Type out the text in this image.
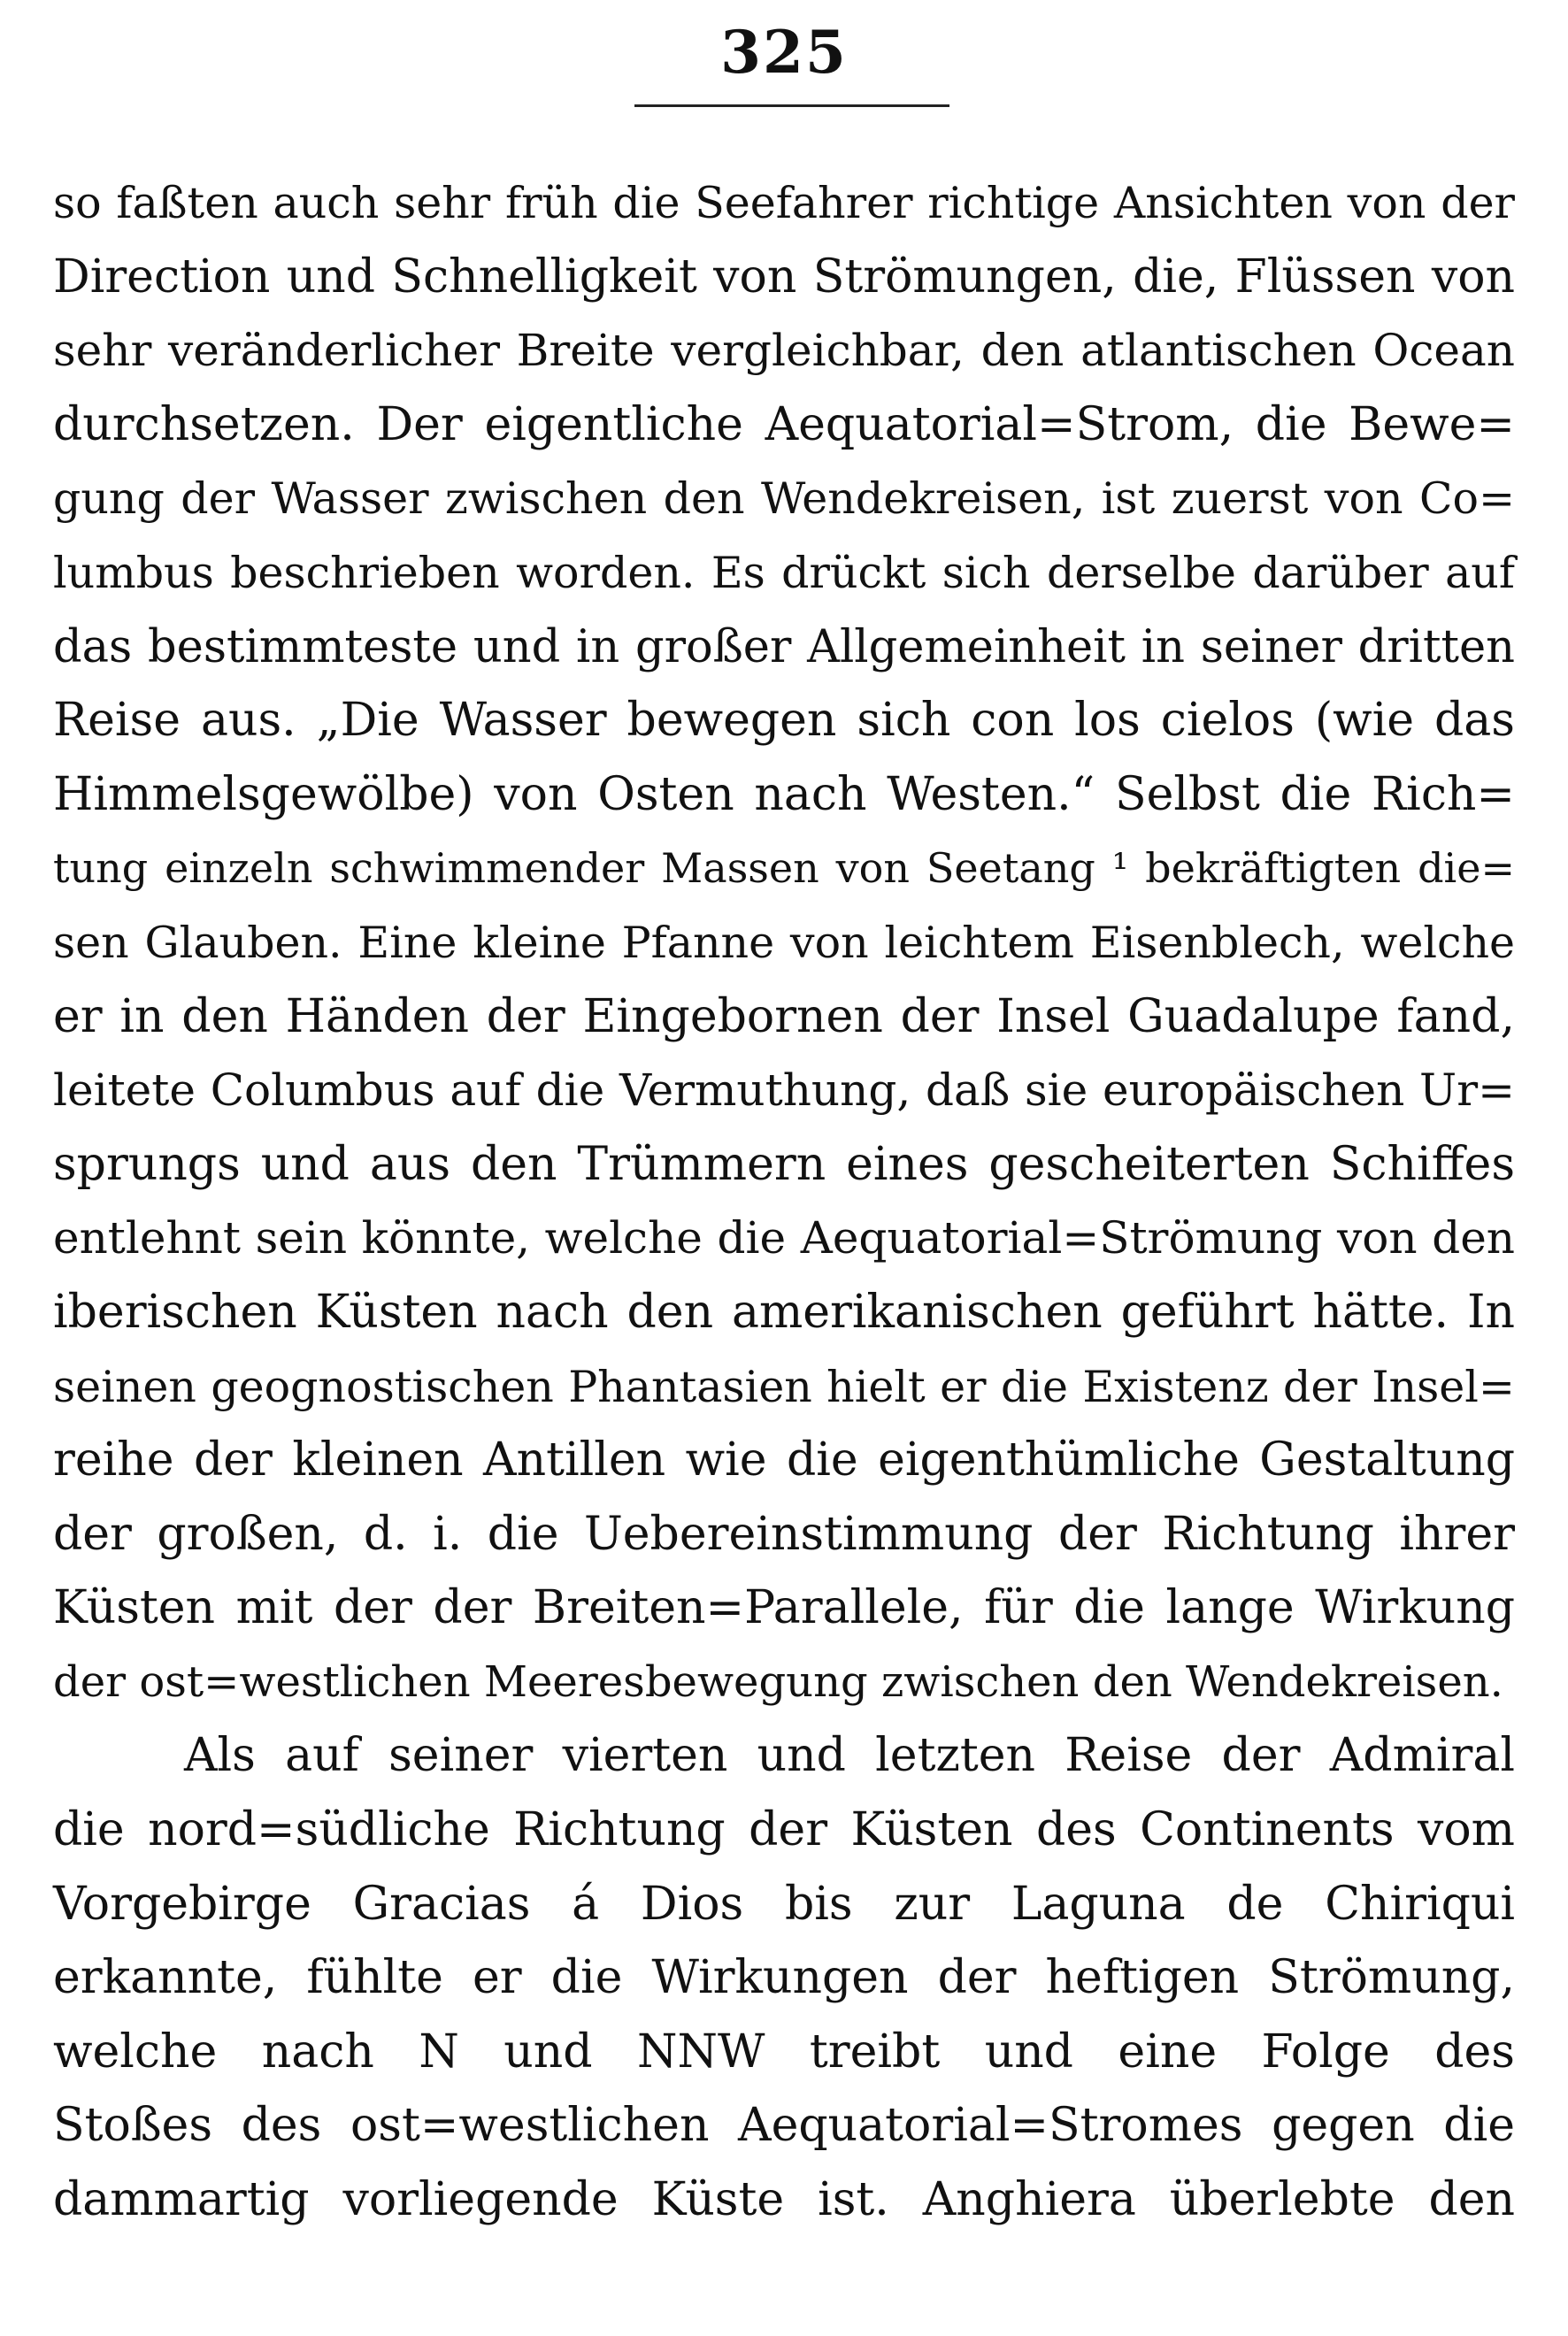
325
so faßten auch sehr früh die Seefahrer richtige Ansichten von der
Direction und Schnelligkeit von Strömungen, die, Flüssen von
sehr veränderlicher Breite vergleichbar, den atlantischen Ocean
durchsetzen. Der eigentliche Aequatorial=Strom, die Bewe=
gung der Wasser zwischen den Wendekreisen, ist zuerst von Co=
lumbus beschrieben worden. Es drückt sich derselbe darüber auf
das bestimmteste und in großer Allgemeinheit in seiner dritten
Reise aus. „Die Wasser bewegen sich con los cielos (wie das
Himmelsgewölbe) von Osten nach Westen.“ Selbst die Rich=
tung einzeln schwimmender Massen von Seetang ¹ bekräftigten die=
sen Glauben. Eine kleine Pfanne von leichtem Eisenblech, welche
er in den Händen der Eingebornen der Insel Guadalupe fand,
leitete Columbus auf die Vermuthung, daß sie europäischen Ur=
sprungs und aus den Trümmern eines gescheiterten Schiffes
entlehnt sein könnte, welche die Aequatorial=Strömung von den
iberischen Küsten nach den amerikanischen geführt hätte. In
seinen geognostischen Phantasien hielt er die Existenz der Insel=
reihe der kleinen Antillen wie die eigenthümliche Gestaltung
der großen, d. i. die Uebereinstimmung der Richtung ihrer
Küsten mit der der Breiten=Parallele, für die lange Wirkung
der ost=westlichen Meeresbewegung zwischen den Wendekreisen.
Als auf seiner vierten und letzten Reise der Admiral
die nord=südliche Richtung der Küsten des Continents vom
Vorgebirge Gracias á Dios bis zur Laguna de Chiriqui
erkannte, fühlte er die Wirkungen der heftigen Strömung,
welche nach N und NNW treibt und eine Folge des
Stoßes des ost=westlichen Aequatorial=Stromes gegen die
dammartig vorliegende Küste ist. Anghiera überlebte den
